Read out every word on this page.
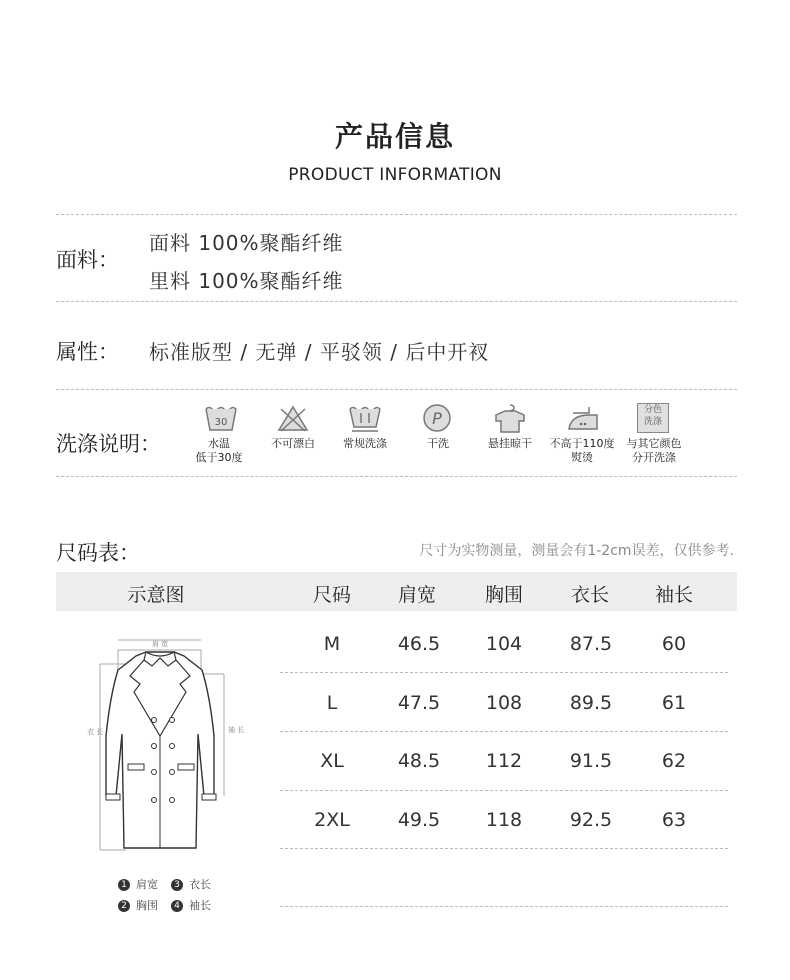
产品信息
PRODUCT INFORMATION
面料：
面料 100%聚酯纤维
里料 100%聚酯纤维
属性： 标准版型 / 无弹 / 平驳领 / 后中开衩
洗涤说明：
30
水温
低于30度
不可漂白	常规洗涤
P
干洗	悬挂晾干	不高于110度
熨烫
分色
洗涤
与其它颜色
分开洗涤
尺码表：	尺寸为实物测量，测量会有1-2cm误差，仅供参考.
示意图	尺码	肩宽	胸围	衣长	袖长
M	46.5	104	87.5	60
L	47.5	108	89.5	61
XL	48.5	112	91.5	62
2XL	49.5	118	92.5	63
肩 宽
衣 长	袖 长
1 肩宽	3 衣长
2 胸围	4 袖长
